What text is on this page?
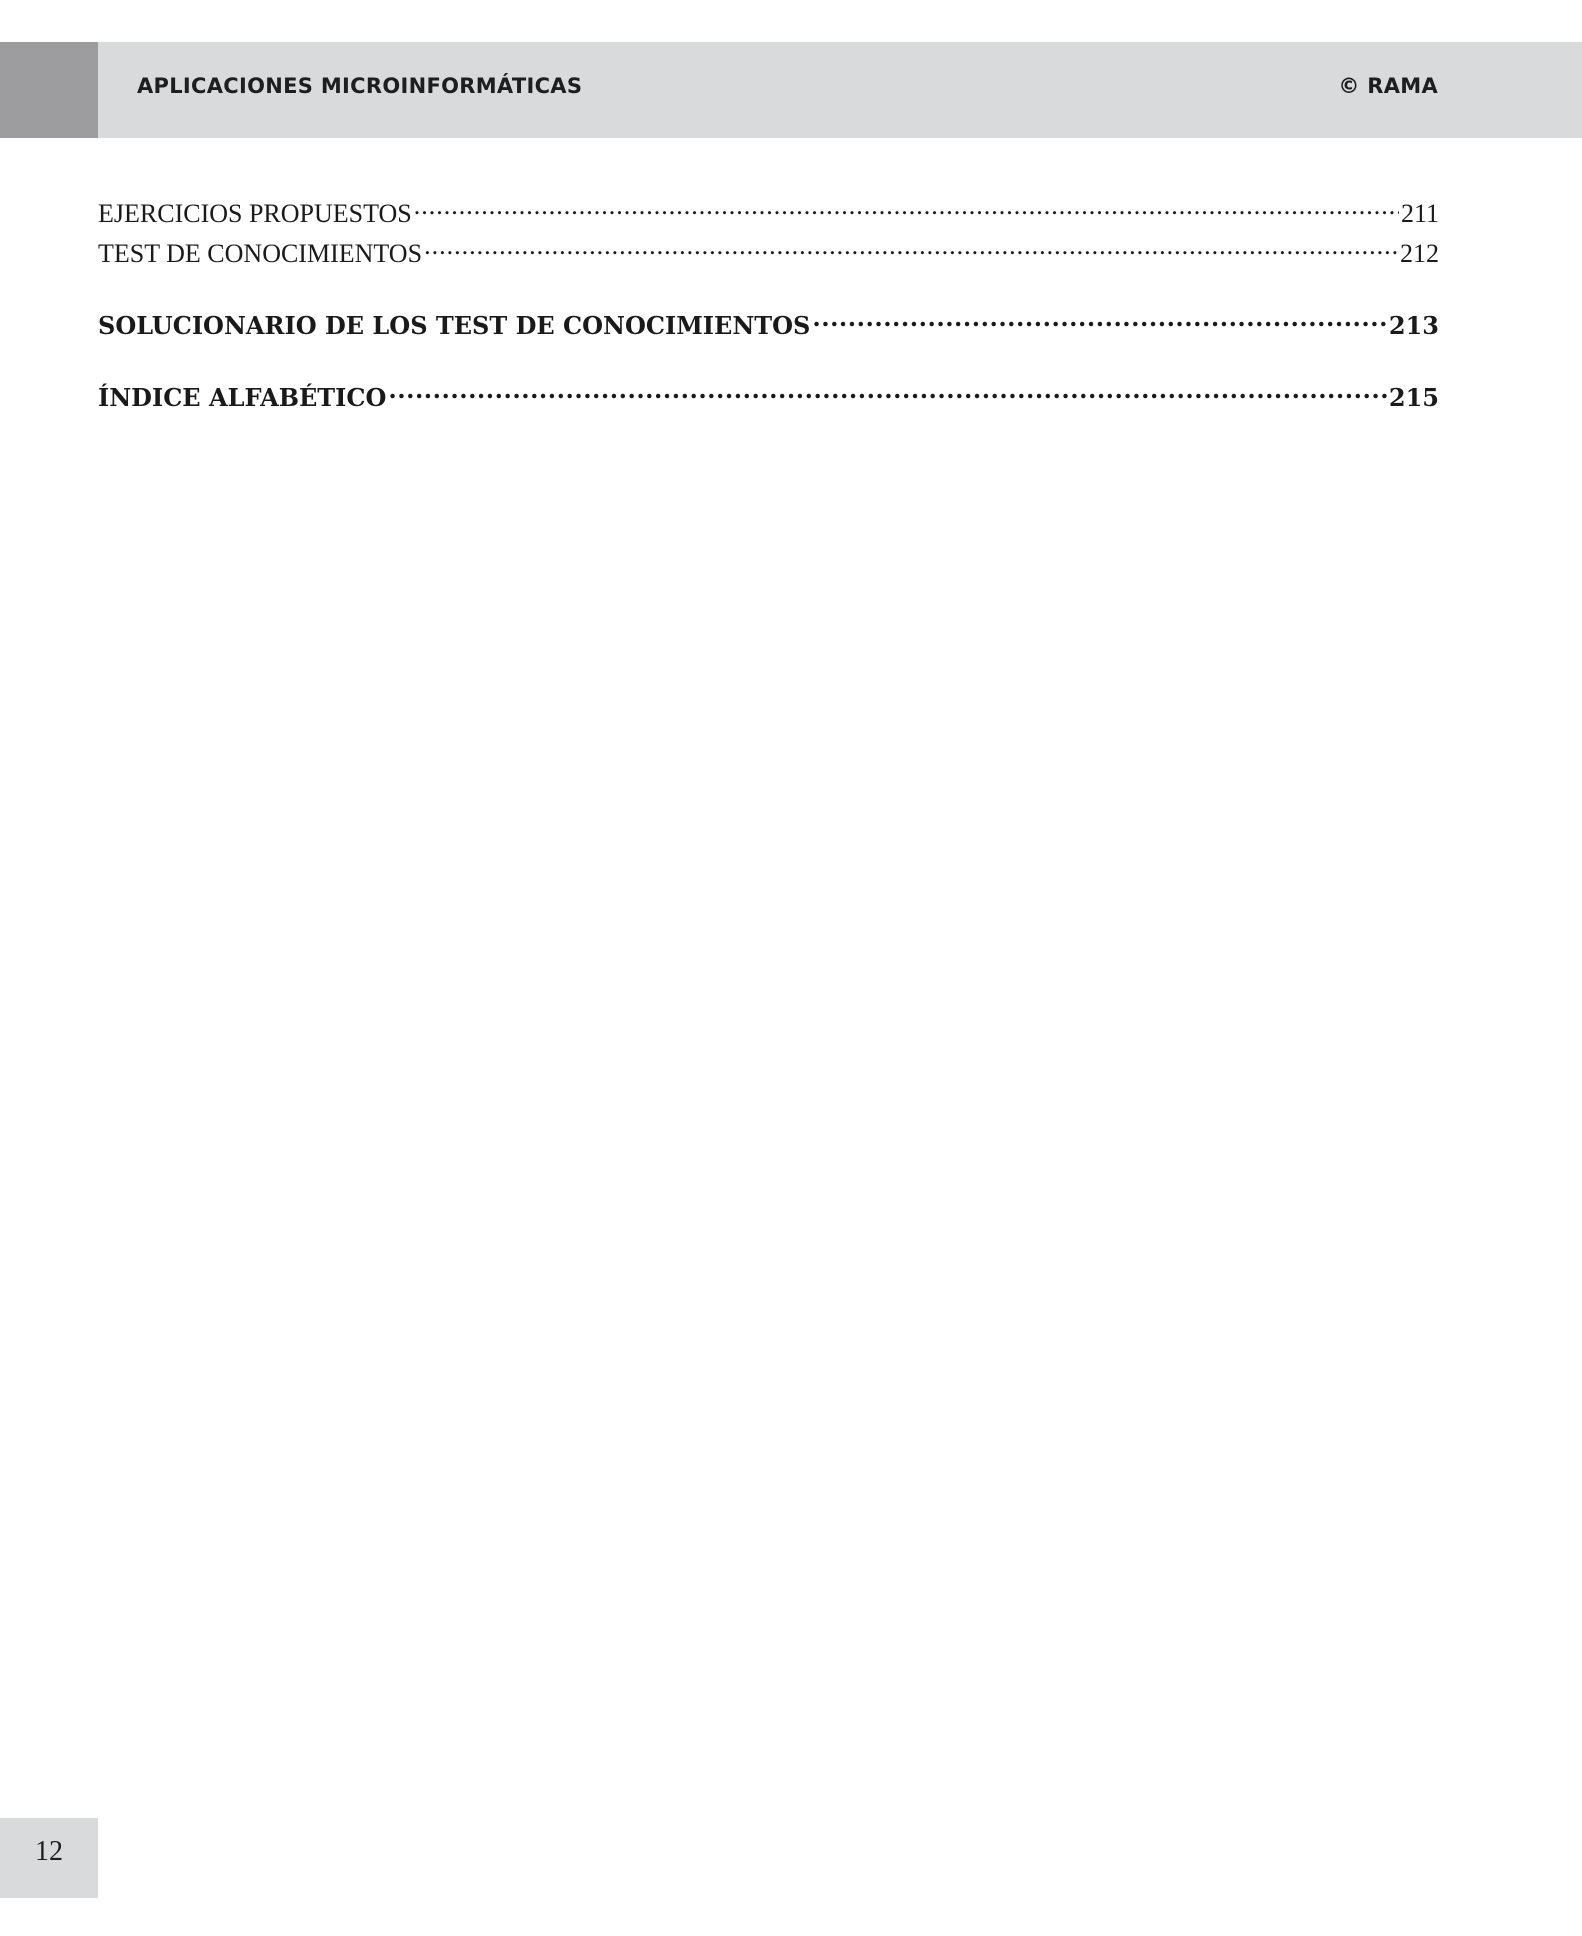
APLICACIONES MICROINFORMÁTICAS	© RAMA
EJERCICIOS PROPUESTOS .....	211
TEST DE CONOCIMIENTOS .....	212
SOLUCIONARIO DE LOS TEST DE CONOCIMIENTOS .....	213
ÍNDICE ALFABÉTICO .....	215
12
